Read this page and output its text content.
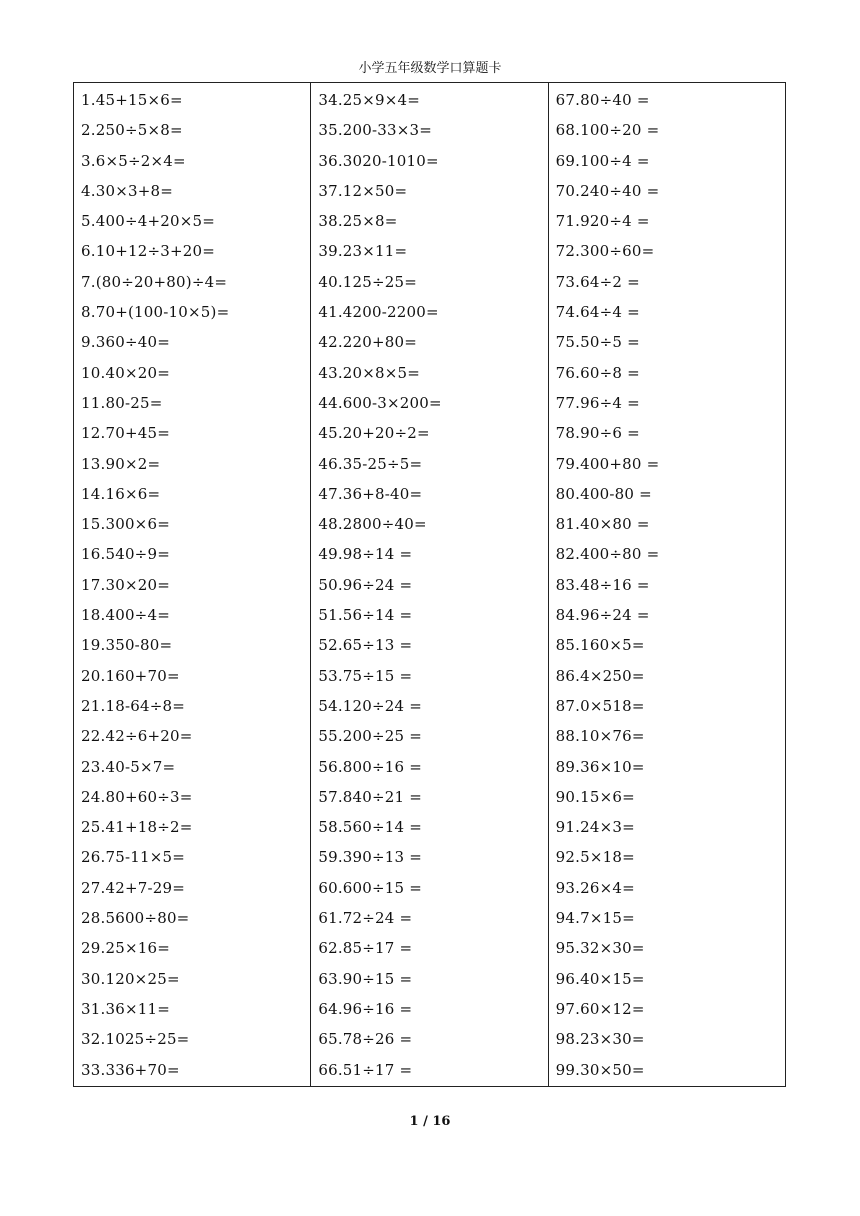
小学五年级数学口算题卡
1.45+15×6=
2.250÷5×8=
3.6×5÷2×4=
4.30×3+8=
5.400÷4+20×5=
6.10+12÷3+20=
7.(80÷20+80)÷4=
8.70+(100-10×5)=
9.360÷40=
10.40×20=
11.80-25=
12.70+45=
13.90×2=
14.16×6=
15.300×6=
16.540÷9=
17.30×20=
18.400÷4=
19.350-80=
20.160+70=
21.18-64÷8=
22.42÷6+20=
23.40-5×7=
24.80+60÷3=
25.41+18÷2=
26.75-11×5=
27.42+7-29=
28.5600÷80=
29.25×16=
30.120×25=
31.36×11=
32.1025÷25=
33.336+70=
34.25×9×4=
35.200-33×3=
36.3020-1010=
37.12×50=
38.25×8=
39.23×11=
40.125÷25=
41.4200-2200=
42.220+80=
43.20×8×5=
44.600-3×200=
45.20+20÷2=
46.35-25÷5=
47.36+8-40=
48.2800÷40=
49.98÷14 =
50.96÷24 =
51.56÷14 =
52.65÷13 =
53.75÷15 =
54.120÷24 =
55.200÷25 =
56.800÷16 =
57.840÷21 =
58.560÷14 =
59.390÷13 =
60.600÷15 =
61.72÷24 =
62.85÷17 =
63.90÷15 =
64.96÷16 =
65.78÷26 =
66.51÷17 =
67.80÷40 =
68.100÷20 =
69.100÷4 =
70.240÷40 =
71.920÷4 =
72.300÷60=
73.64÷2 =
74.64÷4 =
75.50÷5 =
76.60÷8 =
77.96÷4 =
78.90÷6 =
79.400+80 =
80.400-80 =
81.40×80 =
82.400÷80 =
83.48÷16 =
84.96÷24 =
85.160×5=
86.4×250=
87.0×518=
88.10×76=
89.36×10=
90.15×6=
91.24×3=
92.5×18=
93.26×4=
94.7×15=
95.32×30=
96.40×15=
97.60×12=
98.23×30=
99.30×50=
1 / 16
